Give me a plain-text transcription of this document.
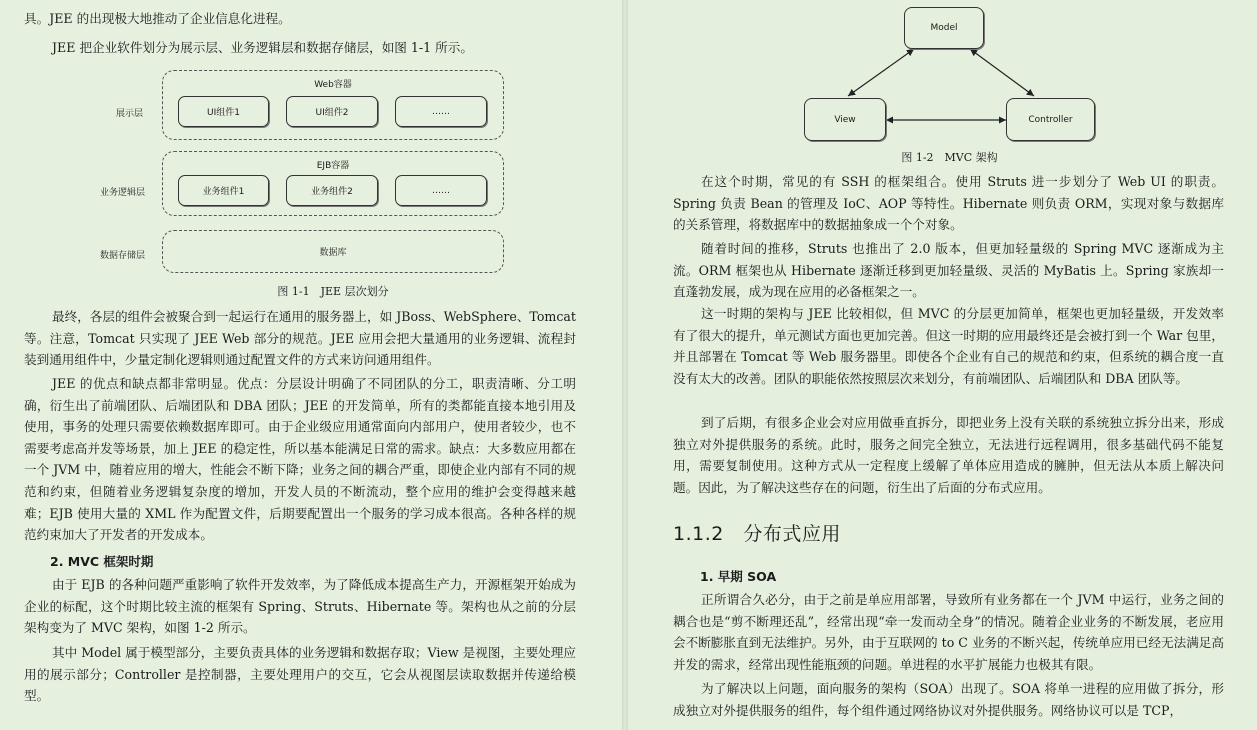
具。JEE 的出现极大地推动了企业信息化进程。

JEE 把企业软件划分为展示层、业务逻辑层和数据存储层，如图 1-1 所示。

展示层
业务逻辑层
数据存储层
Web容器
UI组件1	UI组件2	……
EJB容器
业务组件1	业务组件2	……
数据库
图 1-1　JEE 层次划分

最终，各层的组件会被聚合到一起运行在通用的服务器上，如 JBoss、WebSphere、Tomcat 等。注意，Tomcat 只实现了 JEE Web 部分的规范。JEE 应用会把大量通用的业务逻辑、流程封装到通用组件中，少量定制化逻辑则通过配置文件的方式来访问通用组件。

JEE 的优点和缺点都非常明显。优点：分层设计明确了不同团队的分工，职责清晰、分工明确，衍生出了前端团队、后端团队和 DBA 团队；JEE 的开发简单，所有的类都能直接本地引用及使用，事务的处理只需要依赖数据库即可。由于企业级应用通常面向内部用户，使用者较少，也不需要考虑高并发等场景，加上 JEE 的稳定性，所以基本能满足日常的需求。缺点：大多数应用都在一个 JVM 中，随着应用的增大，性能会不断下降；业务之间的耦合严重，即使企业内部有不同的规范和约束，但随着业务逻辑复杂度的增加，开发人员的不断流动，整个应用的维护会变得越来越难；EJB 使用大量的 XML 作为配置文件，后期要配置出一个服务的学习成本很高。各种各样的规范约束加大了开发者的开发成本。

2. MVC 框架时期

由于 EJB 的各种问题严重影响了软件开发效率，为了降低成本提高生产力，开源框架开始成为企业的标配，这个时期比较主流的框架有 Spring、Struts、Hibernate 等。架构也从之前的分层架构变为了 MVC 架构，如图 1-2 所示。

其中 Model 属于模型部分，主要负责具体的业务逻辑和数据存取；View 是视图，主要处理应用的展示部分；Controller 是控制器，主要处理用户的交互，它会从视图层读取数据并传递给模型。

Model
View	Controller
图 1-2　MVC 架构

在这个时期，常见的有 SSH 的框架组合。使用 Struts 进一步划分了 Web UI 的职责。Spring 负责 Bean 的管理及 IoC、AOP 等特性。Hibernate 则负责 ORM，实现对象与数据库的关系管理，将数据库中的数据抽象成一个个对象。

随着时间的推移，Struts 也推出了 2.0 版本，但更加轻量级的 Spring MVC 逐渐成为主流。ORM 框架也从 Hibernate 逐渐迁移到更加轻量级、灵活的 MyBatis 上。Spring 家族却一直蓬勃发展，成为现在应用的必备框架之一。

这一时期的架构与 JEE 比较相似，但 MVC 的分层更加简单，框架也更加轻量级，开发效率有了很大的提升，单元测试方面也更加完善。但这一时期的应用最终还是会被打到一个 War 包里，并且部署在 Tomcat 等 Web 服务器里。即使各个企业有自己的规范和约束，但系统的耦合度一直没有太大的改善。团队的职能依然按照层次来划分，有前端团队、后端团队和 DBA 团队等。

到了后期，有很多企业会对应用做垂直拆分，即把业务上没有关联的系统独立拆分出来，形成独立对外提供服务的系统。此时，服务之间完全独立，无法进行远程调用，很多基础代码不能复用，需要复制使用。这种方式从一定程度上缓解了单体应用造成的臃肿，但无法从本质上解决问题。因此，为了解决这些存在的问题，衍生出了后面的分布式应用。

1.1.2　分布式应用
1. 早期 SOA

正所谓合久必分，由于之前是单应用部署，导致所有业务都在一个 JVM 中运行，业务之间的耦合也是“剪不断理还乱”，经常出现“牵一发而动全身”的情况。随着企业业务的不断发展，老应用会不断膨胀直到无法维护。另外，由于互联网的 to C 业务的不断兴起，传统单应用已经无法满足高并发的需求，经常出现性能瓶颈的问题。单进程的水平扩展能力也极其有限。

为了解决以上问题，面向服务的架构（SOA）出现了。SOA 将单一进程的应用做了拆分，形成独立对外提供服务的组件，每个组件通过网络协议对外提供服务。网络协议可以是 TCP，
